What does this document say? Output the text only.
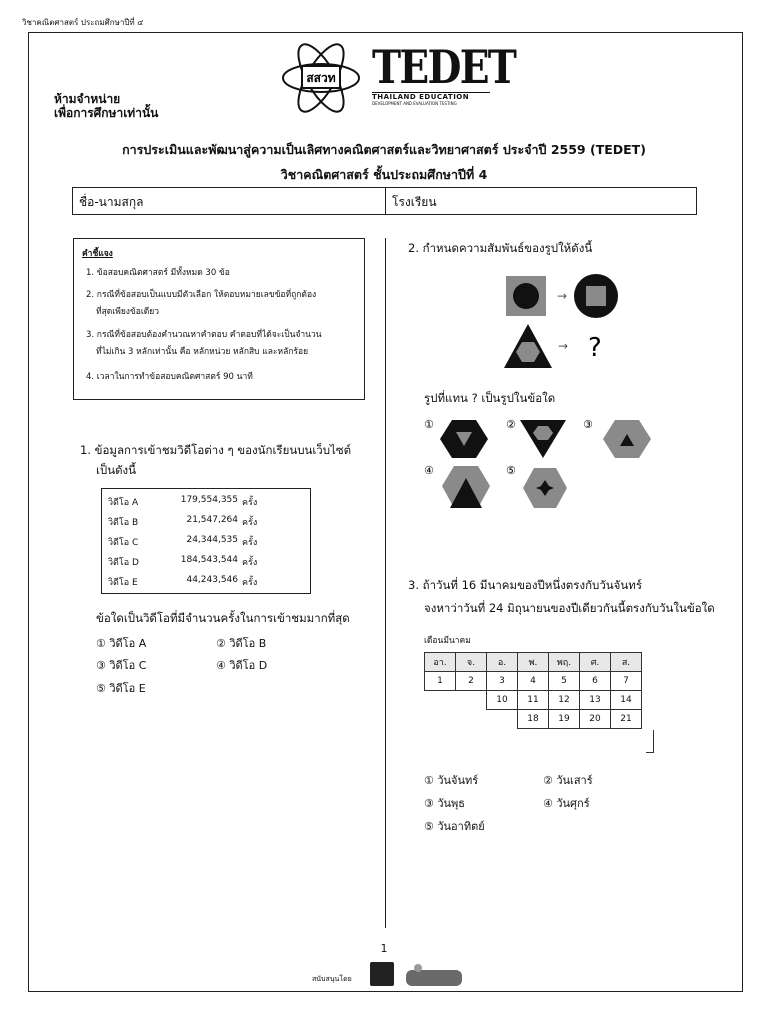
วิชาคณิตศาสตร์ ประถมศึกษาปีที่ ๔
ห้ามจำหน่าย
เพื่อการศึกษาเท่านั้น
สสวท TEDET
THAILAND EDUCATION
DEVELOPMENT AND EVALUATION TESTING
การประเมินและพัฒนาสู่ความเป็นเลิศทางคณิตศาสตร์และวิทยาศาสตร์ ประจำปี 2559 (TEDET)
วิชาคณิตศาสตร์ ชั้นประถมศึกษาปีที่ 4
ชื่อ-นามสกุล	โรงเรียน
คำชี้แจง
1. ข้อสอบคณิตศาสตร์ มีทั้งหมด 30 ข้อ
2. กรณีที่ข้อสอบเป็นแบบมีตัวเลือก ให้ตอบหมายเลขข้อที่ถูกต้อง
ที่สุดเพียงข้อเดียว
3. กรณีที่ข้อสอบต้องคำนวณหาคำตอบ คำตอบที่ได้จะเป็นจำนวน
ที่ไม่เกิน 3 หลักเท่านั้น คือ หลักหน่วย หลักสิบ และหลักร้อย
4. เวลาในการทำข้อสอบคณิตศาสตร์ 90 นาที
1. ข้อมูลการเข้าชมวิดีโอต่าง ๆ ของนักเรียนบนเว็บไซต์
เป็นดังนี้
วิดีโอ A	179,554,355 ครั้ง
วิดีโอ B	21,547,264 ครั้ง
วิดีโอ C	24,344,535 ครั้ง
วิดีโอ D	184,543,544 ครั้ง
วิดีโอ E	44,243,546 ครั้ง
ข้อใดเป็นวิดีโอที่มีจำนวนครั้งในการเข้าชมมากที่สุด
① วิดีโอ A	② วิดีโอ B
③ วิดีโอ C	④ วิดีโอ D
⑤ วิดีโอ E
2. กำหนดความสัมพันธ์ของรูปให้ดังนี้
→
→ ?
รูปที่แทน ? เป็นรูปในข้อใด
①	②	③
④	⑤
3. ถ้าวันที่ 16 มีนาคมของปีหนึ่งตรงกับวันจันทร์
จงหาว่าวันที่ 24 มิถุนายนของปีเดียวกันนี้ตรงกับวันในข้อใด
เดือนมีนาคม
อา.	จ.	อ.	พ.	พฤ.	ศ.	ส.
1	2	3	4	5	6	7
		10	11	12	13	14
			18	19	20	21
① วันจันทร์	② วันเสาร์
③ วันพุธ	④ วันศุกร์
⑤ วันอาทิตย์
1
สนับสนุนโดย
